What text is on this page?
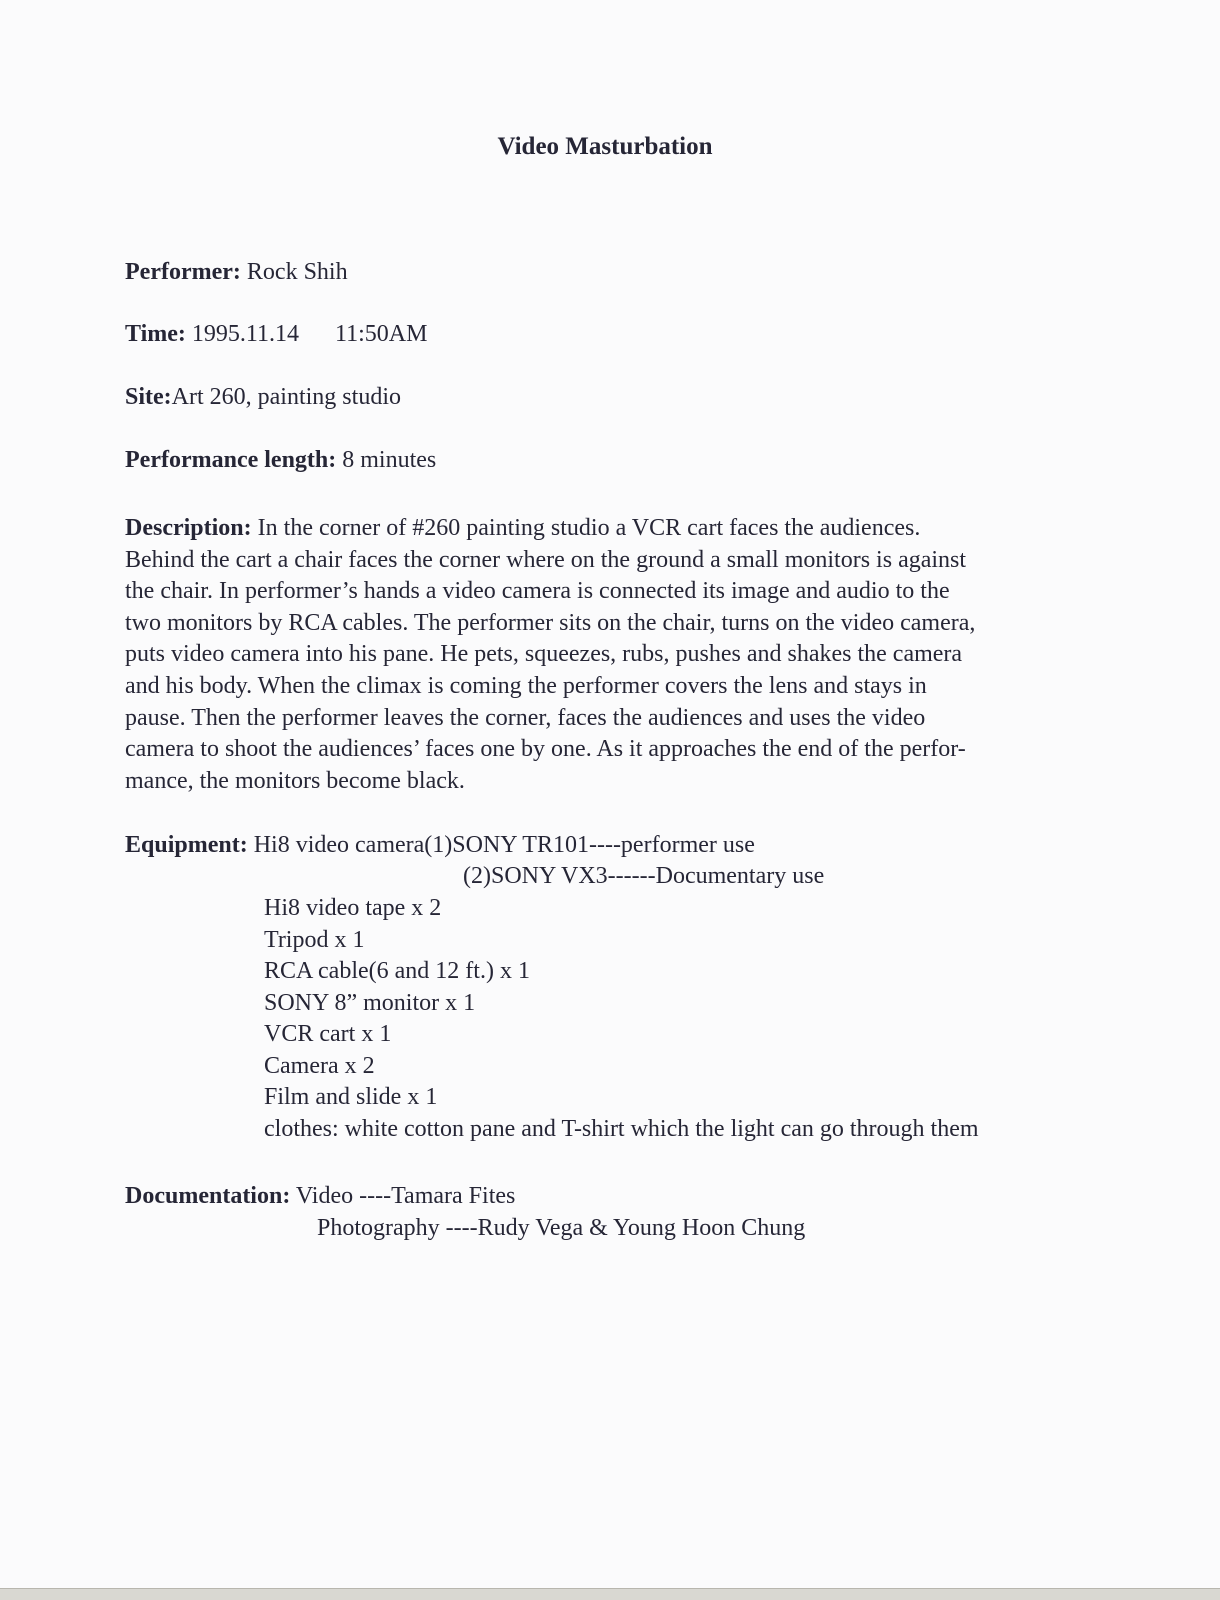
Video Masturbation

Performer: Rock Shih

Time: 1995.11.14 11:50AM

Site:Art 260, painting studio

Performance length: 8 minutes

Description: In the corner of #260 painting studio a VCR cart faces the audiences.
Behind the cart a chair faces the corner where on the ground a small monitors is against
the chair. In performer’s hands a video camera is connected its image and audio to the
two monitors by RCA cables. The performer sits on the chair, turns on the video camera,
puts video camera into his pane. He pets, squeezes, rubs, pushes and shakes the camera
and his body. When the climax is coming the performer covers the lens and stays in
pause. Then the performer leaves the corner, faces the audiences and uses the video
camera to shoot the audiences’ faces one by one. As it approaches the end of the perfor-
mance, the monitors become black.

Equipment: Hi8 video camera(1)SONY TR101----performer use

(2)SONY VX3------Documentary use

Hi8 video tape x 2
Tripod x 1
RCA cable(6 and 12 ft.) x 1
SONY 8” monitor x 1
VCR cart x 1
Camera x 2
Film and slide x 1
clothes: white cotton pane and T-shirt which the light can go through them

Documentation: Video ----Tamara Fites

Photography ----Rudy Vega & Young Hoon Chung
